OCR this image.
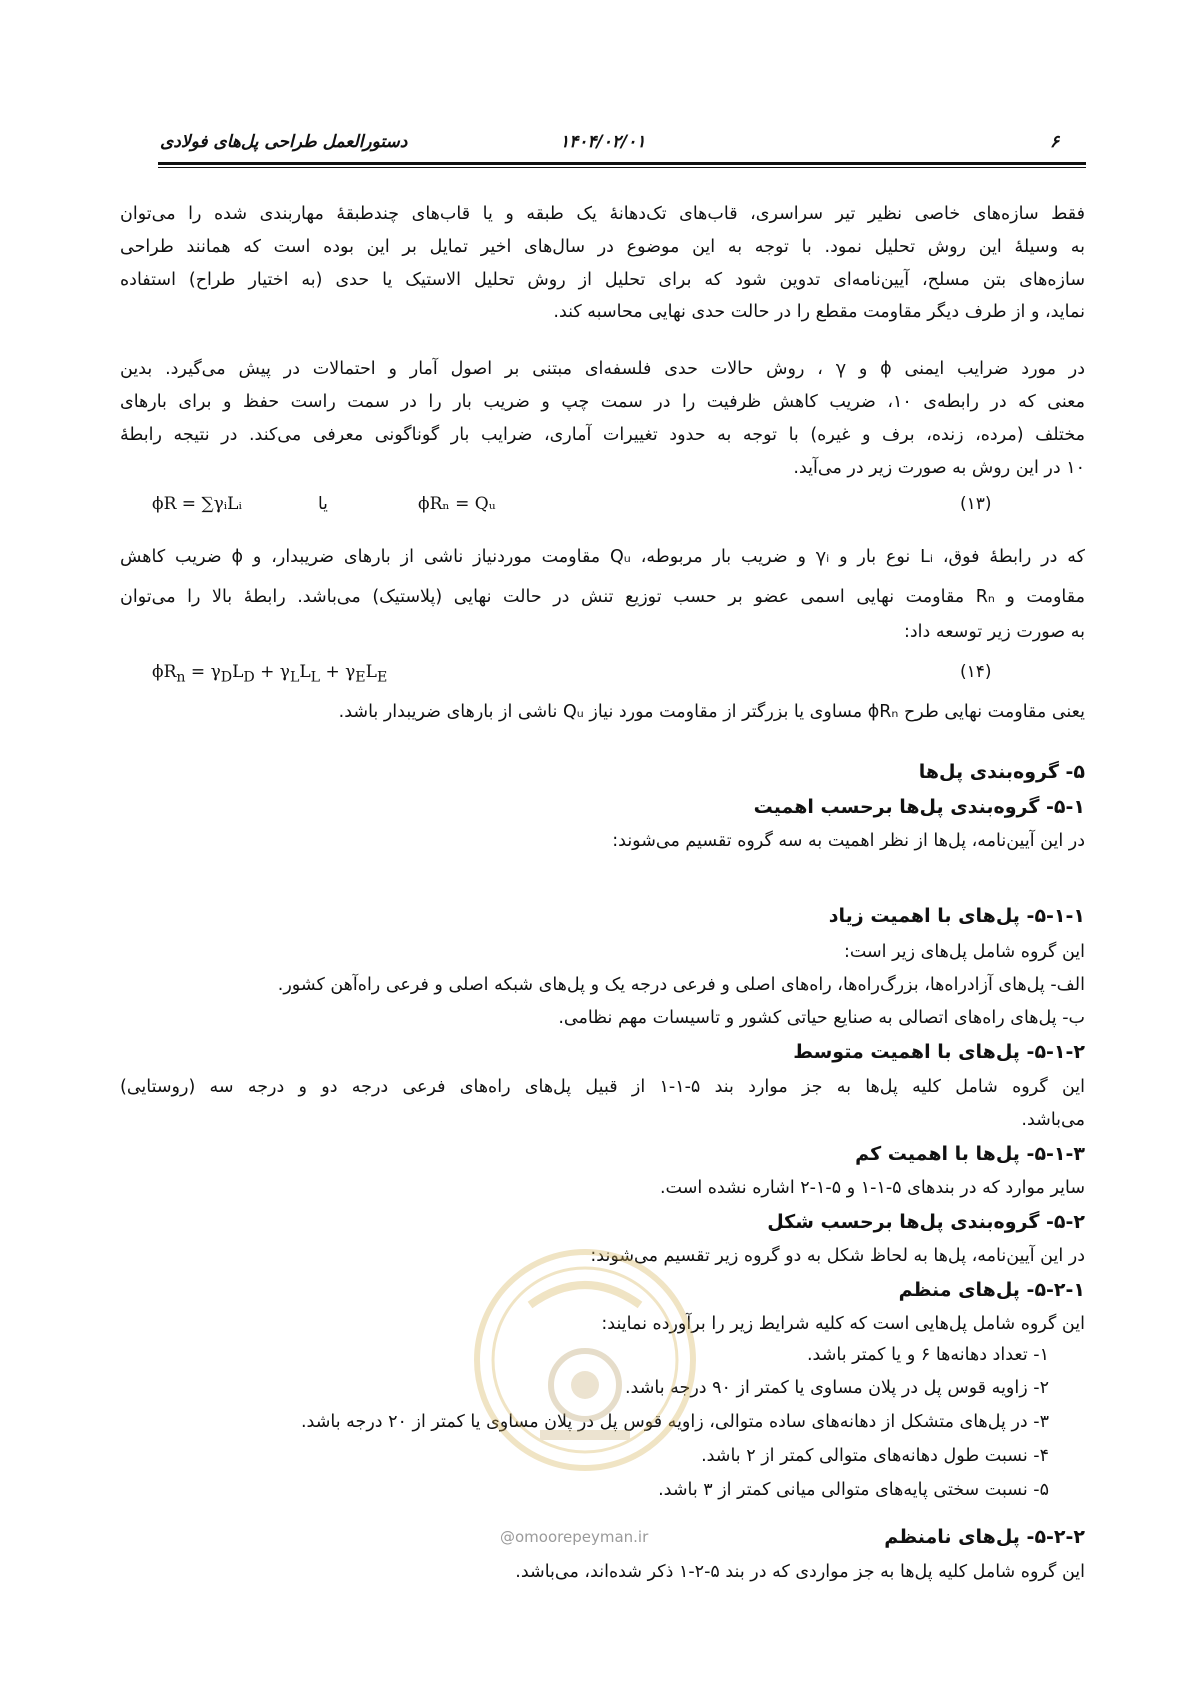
۶
۱۴۰۴/۰۲/۰۱
دستورالعمل طراحی پل‌های فولادی
فقط سازه‌های خاصی نظیر تیر سراسری، قاب‌های تک‌دهانهٔ یک طبقه و یا قاب‌های چندطبقهٔ مهاربندی شده را می‌توان
به وسیلهٔ این روش تحلیل نمود. با توجه به این موضوع در سال‌های اخیر تمایل بر این بوده است که همانند طراحی
سازه‌های بتن مسلح، آیین‌نامه‌ای تدوین شود که برای تحلیل از روش تحلیل الاستیک یا حدی (به اختیار طراح) استفاده
نماید، و از طرف دیگر مقاومت مقطع را در حالت حدی نهایی محاسبه کند.
در مورد ضرایب ایمنی ϕ و γ ، روش حالات حدی فلسفه‌ای مبتنی بر اصول آمار و احتمالات در پیش می‌گیرد. بدین
معنی که در رابطه‌ی ۱۰، ضریب کاهش ظرفیت را در سمت چپ و ضریب بار را در سمت راست حفظ و برای بارهای
مختلف (مرده، زنده، برف و غیره) با توجه به حدود تغییرات آماری، ضرایب بار گوناگونی معرفی می‌کند. در نتیجه رابطهٔ
۱۰ در این روش به صورت زیر در می‌آید.
ϕR = ∑γᵢLᵢ	یا	ϕRₙ = Qᵤ	(۱۳)
که در رابطهٔ فوق، Lᵢ نوع بار و γᵢ و ضریب بار مربوطه، Qᵤ مقاومت موردنیاز ناشی از بارهای ضریبدار، و ϕ ضریب کاهش
مقاومت و Rₙ مقاومت نهایی اسمی عضو بر حسب توزیع تنش در حالت نهایی (پلاستیک) می‌باشد. رابطهٔ بالا را می‌توان
به صورت زیر توسعه داد:
$\phi R_n = \gamma_DL_D + \gamma_LL_L + \gamma_EL_E$	(۱۴)
یعنی مقاومت نهایی طرح ϕRₙ مساوی یا بزرگتر از مقاومت مورد نیاز Qᵤ ناشی از بارهای ضریبدار باشد.
۵- گروه‌بندی پل‌ها
۵-۱- گروه‌بندی پل‌ها برحسب اهمیت
در این آیین‌نامه، پل‌ها از نظر اهمیت به سه گروه تقسیم می‌شوند:
۵-۱-۱- پل‌های با اهمیت زیاد
این گروه شامل پل‌های زیر است:
الف- پل‌های آزادراه‌ها، بزرگ‌راه‌ها، راه‌های اصلی و فرعی درجه یک و پل‌های شبکه اصلی و فرعی راه‌آهن کشور.
ب- پل‌های راه‌های اتصالی به صنایع حیاتی کشور و تاسیسات مهم نظامی.
۵-۱-۲- پل‌های با اهمیت متوسط
این گروه شامل کلیه پل‌ها به جز موارد بند ۵-۱-۱ از قبیل پل‌های راه‌های فرعی درجه دو و درجه سه (روستایی)
می‌باشد.
۵-۱-۳- پل‌ها با اهمیت کم
سایر موارد که در بندهای ۵-۱-۱ و ۵-۱-۲ اشاره نشده است.
۵-۲- گروه‌بندی پل‌ها برحسب شکل
در این آیین‌نامه، پل‌ها به لحاظ شکل به دو گروه زیر تقسیم می‌شوند:
۵-۲-۱- پل‌های منظم
این گروه شامل پل‌هایی است که کلیه شرایط زیر را برآورده نمایند:
۱- تعداد دهانه‌ها ۶ و یا کمتر باشد.
۲- زاویه قوس پل در پلان مساوی یا کمتر از ۹۰ درجه باشد.
۳- در پل‌های متشکل از دهانه‌های ساده متوالی، زاویه قوس پل در پلان مساوی یا کمتر از ۲۰ درجه باشد.
۴- نسبت طول دهانه‌های متوالی کمتر از ۲ باشد.
۵- نسبت سختی پایه‌های متوالی میانی کمتر از ۳ باشد.
۵-۲-۲- پل‌های نامنظم
این گروه شامل کلیه پل‌ها به جز مواردی که در بند ۵-۲-۱ ذکر شده‌اند، می‌باشد.
@omoorepeyman.ir
